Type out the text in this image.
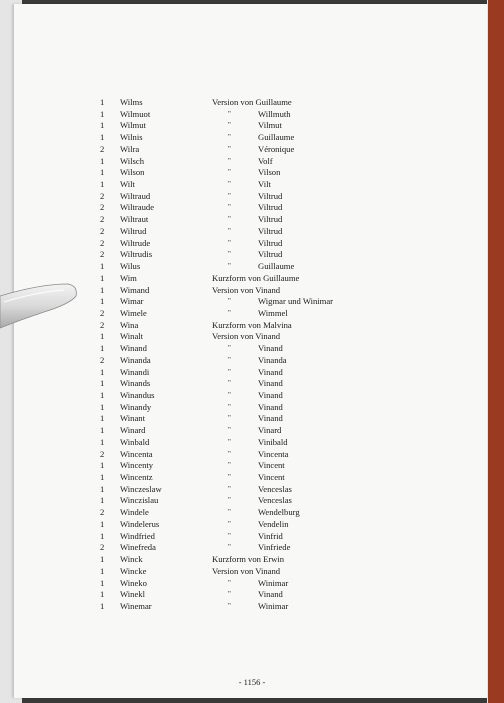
1	Wilms	Version von Guillaume
1	Wilmuot	"	Willmuth
1	Wilmut	"	Vilmut
1	Wilnis	"	Guillaume
2	Wilra	"	Véronique
1	Wilsch	"	Volf
1	Wilson	"	Vilson
1	Wilt	"	Vilt
2	Wiltraud	"	Viltrud
2	Wiltraude	"	Viltrud
2	Wiltraut	"	Viltrud
2	Wiltrud	"	Viltrud
2	Wiltrude	"	Viltrud
2	Wiltrudis	"	Viltrud
1	Wilus	"	Guillaume
1	Wim	Kurzform von Guillaume
1	Wimand	Version von Vinand
1	Wimar	"	Wigmar und Winimar
2	Wimele	"	Wimmel
2	Wina	Kurzform von Malvina
1	Winalt	Version von Vinand
1	Winand	"	Vinand
2	Winanda	"	Vinanda
1	Winandi	"	Vinand
1	Winands	"	Vinand
1	Winandus	"	Vinand
1	Winandy	"	Vinand
1	Winant	"	Vinand
1	Winard	"	Vinard
1	Winbald	"	Vinibald
2	Wincenta	"	Vincenta
1	Wincenty	"	Vincent
1	Wincentz	"	Vincent
1	Winczeslaw	"	Venceslas
1	Winczislau	"	Venceslas
2	Windele	"	Wendelburg
1	Windelerus	"	Vendelin
1	Windfried	"	Vinfrid
2	Winefreda	"	Vinfriede
1	Winck	Kurzform von Erwin
1	Wincke	Version von Vinand
1	Wineko	"	Winimar
1	Winekl	"	Vinand
1	Winemar	"	Winimar
- 1156 -
